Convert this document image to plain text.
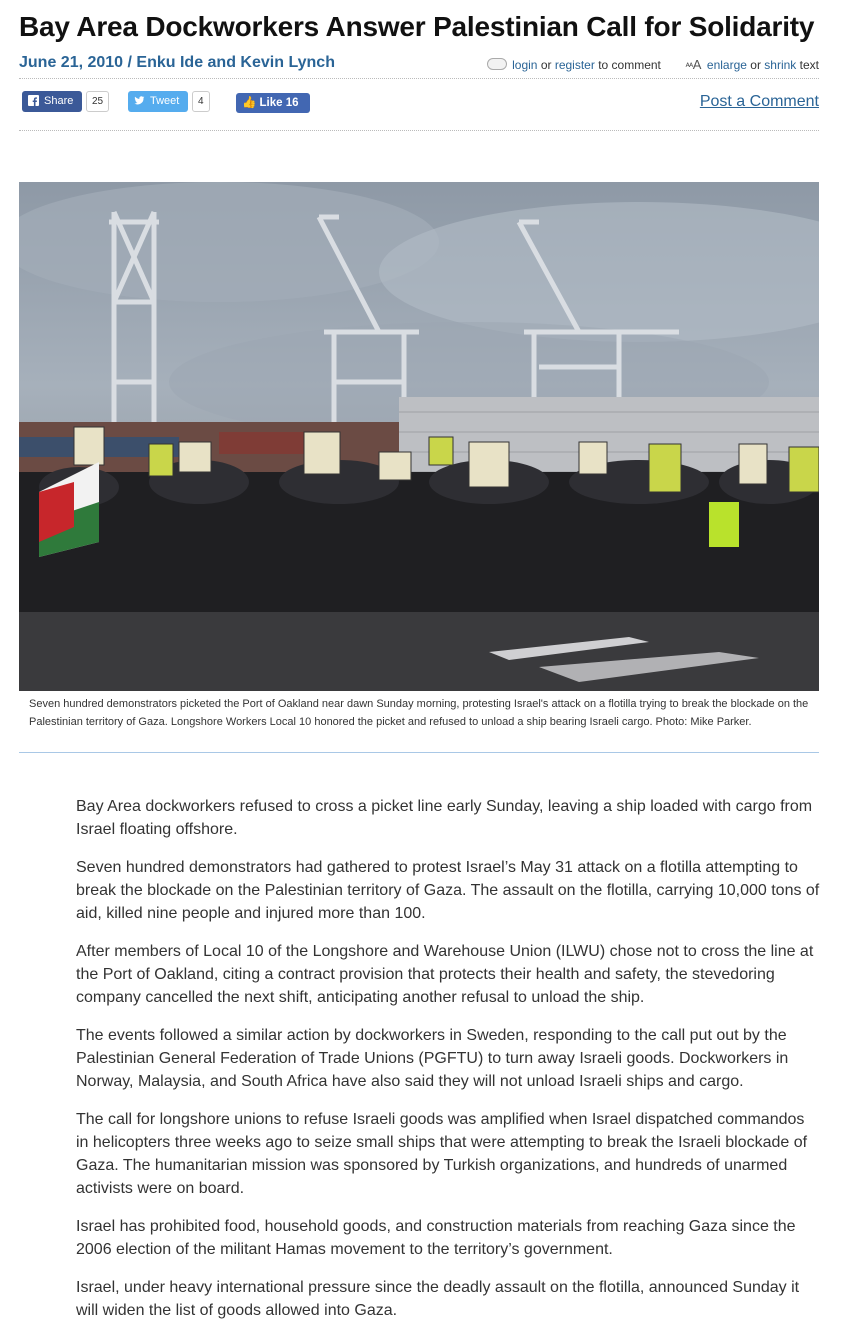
Bay Area Dockworkers Answer Palestinian Call for Solidarity
June 21, 2010 / Enku Ide and Kevin Lynch	login or register to comment	ᴬᴬA enlarge or shrink text
Share	25	Tweet	4	👍 Like 16	Post a Comment
Seven hundred demonstrators picketed the Port of Oakland near dawn Sunday morning, protesting Israel's attack on a flotilla trying to break the blockade on the Palestinian territory of Gaza. Longshore Workers Local 10 honored the picket and refused to unload a ship bearing Israeli cargo. Photo: Mike Parker.

Bay Area dockworkers refused to cross a picket line early Sunday, leaving a ship loaded with cargo from Israel floating offshore.

Seven hundred demonstrators had gathered to protest Israel’s May 31 attack on a flotilla attempting to break the blockade on the Palestinian territory of Gaza. The assault on the flotilla, carrying 10,000 tons of aid, killed nine people and injured more than 100.

After members of Local 10 of the Longshore and Warehouse Union (ILWU) chose not to cross the line at the Port of Oakland, citing a contract provision that protects their health and safety, the stevedoring company cancelled the next shift, anticipating another refusal to unload the ship.

The events followed a similar action by dockworkers in Sweden, responding to the call put out by the Palestinian General Federation of Trade Unions (PGFTU) to turn away Israeli goods. Dockworkers in Norway, Malaysia, and South Africa have also said they will not unload Israeli ships and cargo.

The call for longshore unions to refuse Israeli goods was amplified when Israel dispatched commandos in helicopters three weeks ago to seize small ships that were attempting to break the Israeli blockade of Gaza. The humanitarian mission was sponsored by Turkish organizations, and hundreds of unarmed activists were on board.

Israel has prohibited food, household goods, and construction materials from reaching Gaza since the 2006 election of the militant Hamas movement to the territory’s government.

Israel, under heavy international pressure since the deadly assault on the flotilla, announced Sunday it will widen the list of goods allowed into Gaza.
